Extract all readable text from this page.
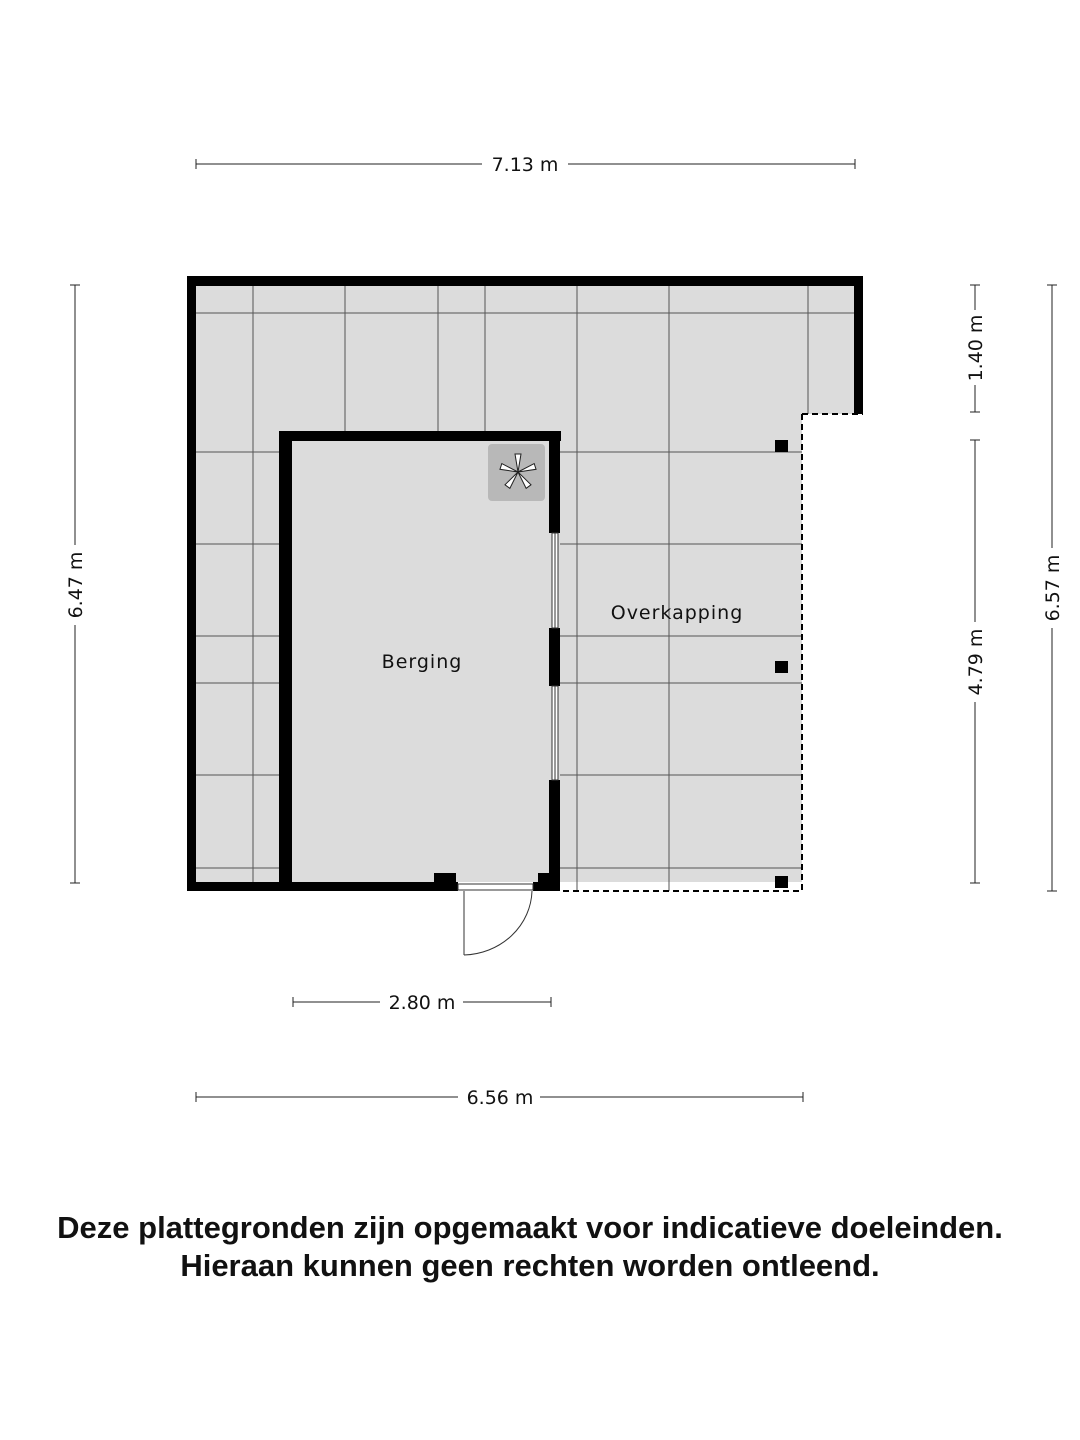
Berging
Overkapping
7.13 m
6.47 m
1.40 m
4.79 m
6.57 m
2.80 m
6.56 m
Deze plattegronden zijn opgemaakt voor indicatieve doeleinden.
Hieraan kunnen geen rechten worden ontleend.
